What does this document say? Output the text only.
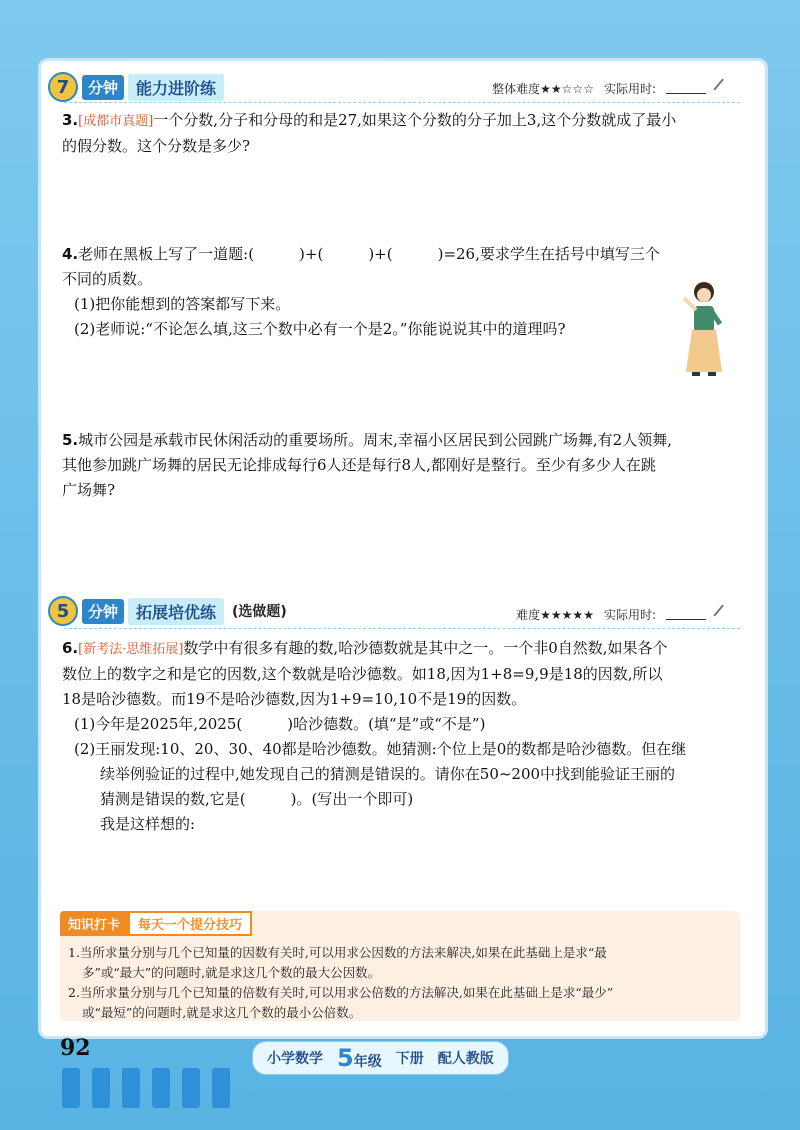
7	分钟	能力进阶练	整体难度★★☆☆☆ 实际用时:
3.[成都市真题]一个分数,分子和分母的和是27,如果这个分数的分子加上3,这个分数就成了最小
的假分数。这个分数是多少?
4.老师在黑板上写了一道题:(　　　)+(　　　)+(　　　)=26,要求学生在括号中填写三个
不同的质数。
(1)把你能想到的答案都写下来。
(2)老师说:“不论怎么填,这三个数中必有一个是2。”你能说说其中的道理吗?
5.城市公园是承载市民休闲活动的重要场所。周末,幸福小区居民到公园跳广场舞,有2人领舞,
其他参加跳广场舞的居民无论排成每行6人还是每行8人,都刚好是整行。至少有多少人在跳
广场舞?
5	分钟	拓展培优练	(选做题)	难度★★★★★ 实际用时:
6.[新考法·思维拓展]数学中有很多有趣的数,哈沙德数就是其中之一。一个非0自然数,如果各个
数位上的数字之和是它的因数,这个数就是哈沙德数。如18,因为1+8=9,9是18的因数,所以
18是哈沙德数。而19不是哈沙德数,因为1+9=10,10不是19的因数。
(1)今年是2025年,2025(　　　)哈沙德数。(填“是”或“不是”)
(2)王丽发现:10、20、30、40都是哈沙德数。她猜测:个位上是0的数都是哈沙德数。但在继
续举例验证的过程中,她发现自己的猜测是错误的。请你在50~200中找到能验证王丽的
猜测是错误的数,它是(　　　)。(写出一个即可)
我是这样想的:
知识打卡	每天一个提分技巧
1.当所求量分别与几个已知量的因数有关时,可以用求公因数的方法来解决,如果在此基础上是求“最
多”或“最大”的问题时,就是求这几个数的最大公因数。
2.当所求量分别与几个已知量的倍数有关时,可以用求公倍数的方法解决,如果在此基础上是求“最少”
或“最短”的问题时,就是求这几个数的最小公倍数。
92	小学数学 5年级 下册 配人教版
